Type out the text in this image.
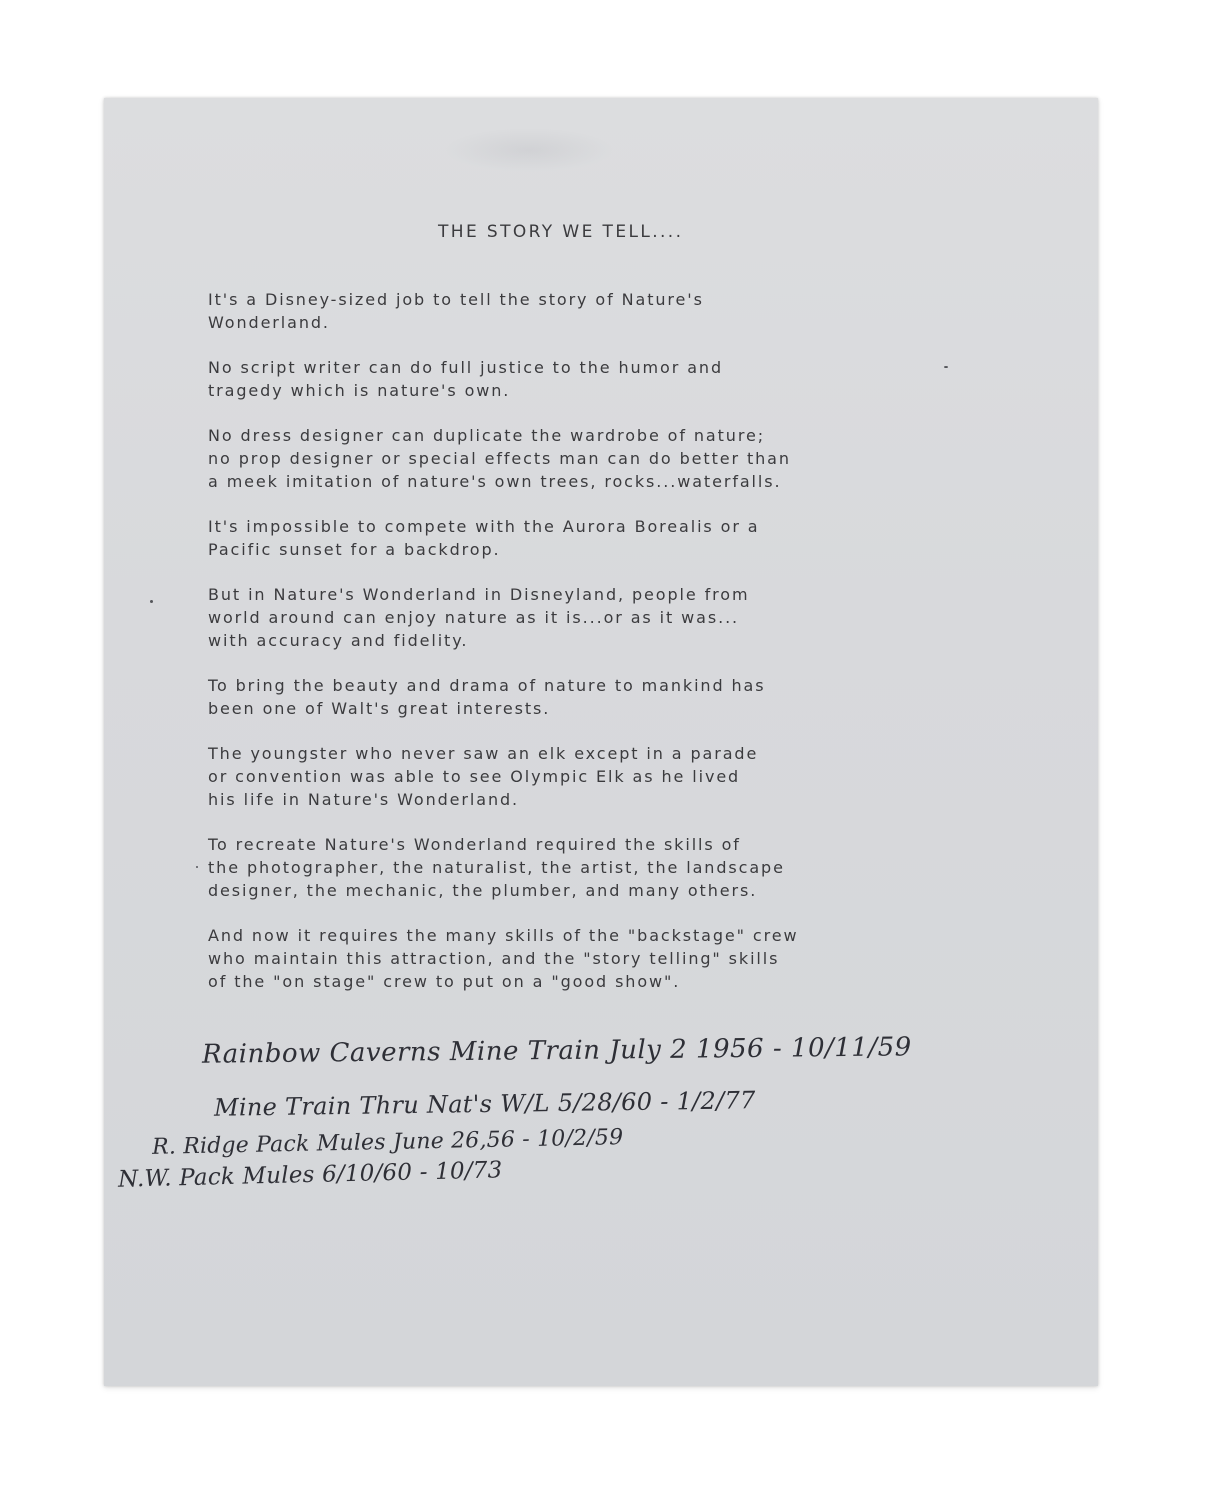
THE STORY WE TELL....

It's a Disney-sized job to tell the story of Nature's
Wonderland.

No script writer can do full justice to the humor and
tragedy which is nature's own.

No dress designer can duplicate the wardrobe of nature;
no prop designer or special effects man can do better than
a meek imitation of nature's own trees, rocks...waterfalls.

It's impossible to compete with the Aurora Borealis or a
Pacific sunset for a backdrop.

But in Nature's Wonderland in Disneyland, people from
world around can enjoy nature as it is...or as it was...
with accuracy and fidelity.

To bring the beauty and drama of nature to mankind has
been one of Walt's great interests.

The youngster who never saw an elk except in a parade
or convention was able to see Olympic Elk as he lived
his life in Nature's Wonderland.

To recreate Nature's Wonderland required the skills of
the photographer, the naturalist, the artist, the landscape
designer, the mechanic, the plumber, and many others.

And now it requires the many skills of the "backstage" crew
who maintain this attraction, and the "story telling" skills
of the "on stage" crew to put on a "good show".

Rainbow Caverns Mine Train July 2 1956 - 10/11/59

Mine Train Thru Nat's W/L 5/28/60 - 1/2/77

R. Ridge Pack Mules June 26,56 - 10/2/59

N.W. Pack Mules 6/10/60 - 10/73
